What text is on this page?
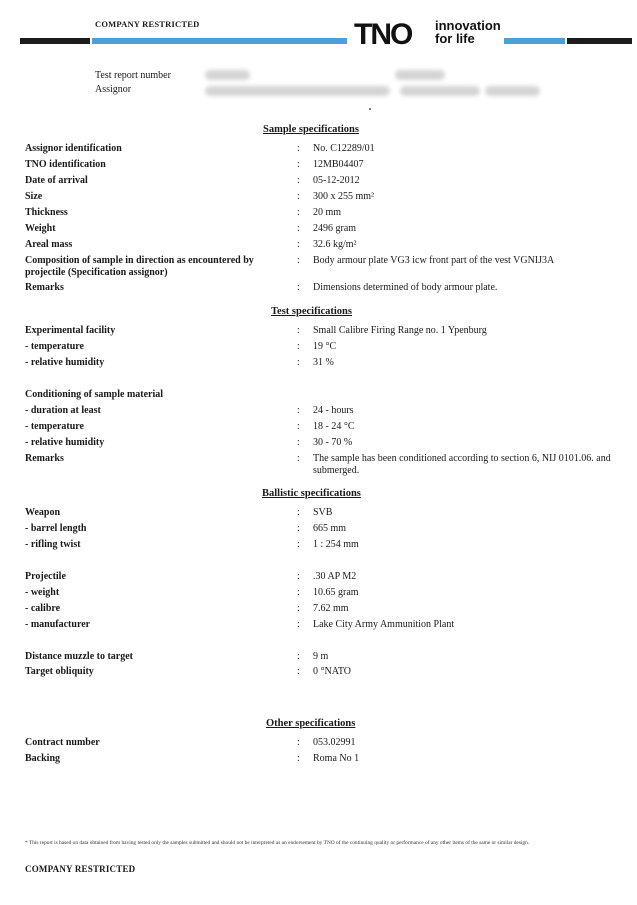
COMPANY RESTRICTED	TNO	innovation
for life
Test report number
Assignor
Sample specifications
Assignor identification	: No. C12289/01
TNO identification	: 12MB04407
Date of arrival	: 05-12-2012
Size	: 300 x 255 mm²
Thickness	: 20 mm
Weight	: 2496 gram
Areal mass	: 32.6 kg/m²
Composition of sample in direction as encountered by projectile (Specification assignor)
: Body armour plate VG3 icw front part of the vest VGNIJ3A
Remarks	: Dimensions determined of body armour plate.
Test specifications
Experimental facility	: Small Calibre Firing Range no. 1 Ypenburg
- temperature	: 19 °C
- relative humidity	: 31 %
Conditioning of sample material
- duration at least	: 24 - hours
- temperature	: 18 - 24 °C
- relative humidity	: 30 - 70 %
Remarks	: The sample has been conditioned according to section 6, NIJ 0101.06. and submerged.
Ballistic specifications
Weapon	: SVB
- barrel length	: 665 mm
- rifling twist	: 1 : 254 mm
Projectile	: .30 AP M2
- weight	: 10.65 gram
- calibre	: 7.62 mm
- manufacturer	: Lake City Army Ammunition Plant
Distance muzzle to target	: 9 m
Target obliquity	: 0 °NATO
Other specifications
Contract number	: 053.02991
Backing	: Roma No 1
* This report is based on data obtained from having tested only the samples submitted and should not be interpreted as an endorsement by TNO of the continuing quality or performance of any other items of the same or similar design.
COMPANY RESTRICTED
